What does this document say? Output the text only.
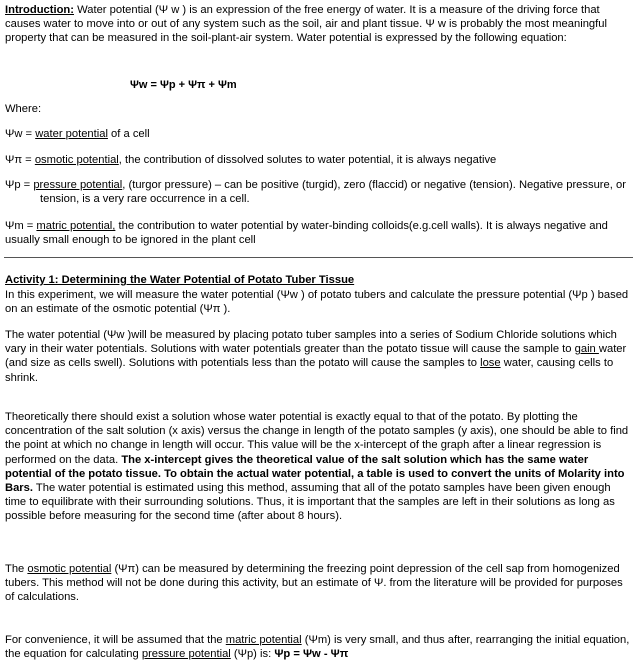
Introduction: Water potential (Ψ w ) is an expression of the free energy of water. It is a measure of the driving force that causes water to move into or out of any system such as the soil, air and plant tissue. Ψ w is probably the most meaningful property that can be measured in the soil-plant-air system. Water potential is expressed by the following equation:
Ψw = Ψp + Ψπ + Ψm
Where:
Ψw = water potential of a cell
Ψπ = osmotic potential, the contribution of dissolved solutes to water potential, it is always negative
Ψp = pressure potential, (turgor pressure) – can be positive (turgid), zero (flaccid) or negative (tension). Negative pressure, or tension, is a very rare occurrence in a cell.
Ψm = matric potential, the contribution to water potential by water-binding colloids(e.g.cell walls). It is always negative and usually small enough to be ignored in the plant cell
Activity 1: Determining the Water Potential of Potato Tuber Tissue
In this experiment, we will measure the water potential (Ψw ) of potato tubers and calculate the pressure potential (Ψp ) based on an estimate of the osmotic potential (Ψπ ).
The water potential (Ψw )will be measured by placing potato tuber samples into a series of Sodium Chloride solutions which vary in their water potentials. Solutions with water potentials greater than the potato tissue will cause the sample to gain water (and size as cells swell). Solutions with potentials less than the potato will cause the samples to lose water, causing cells to shrink.
Theoretically there should exist a solution whose water potential is exactly equal to that of the potato. By plotting the concentration of the salt solution (x axis) versus the change in length of the potato samples (y axis), one should be able to find the point at which no change in length will occur. This value will be the x-intercept of the graph after a linear regression is performed on the data. The x-intercept gives the theoretical value of the salt solution which has the same water potential of the potato tissue. To obtain the actual water potential, a table is used to convert the units of Molarity into Bars. The water potential is estimated using this method, assuming that all of the potato samples have been given enough time to equilibrate with their surrounding solutions. Thus, it is important that the samples are left in their solutions as long as possible before measuring for the second time (after about 8 hours).
The osmotic potential (Ψπ) can be measured by determining the freezing point depression of the cell sap from homogenized tubers. This method will not be done during this activity, but an estimate of Ψ. from the literature will be provided for purposes of calculations.
For convenience, it will be assumed that the matric potential (Ψm) is very small, and thus after, rearranging the initial equation, the equation for calculating pressure potential (Ψp) is: Ψp = Ψw - Ψπ
